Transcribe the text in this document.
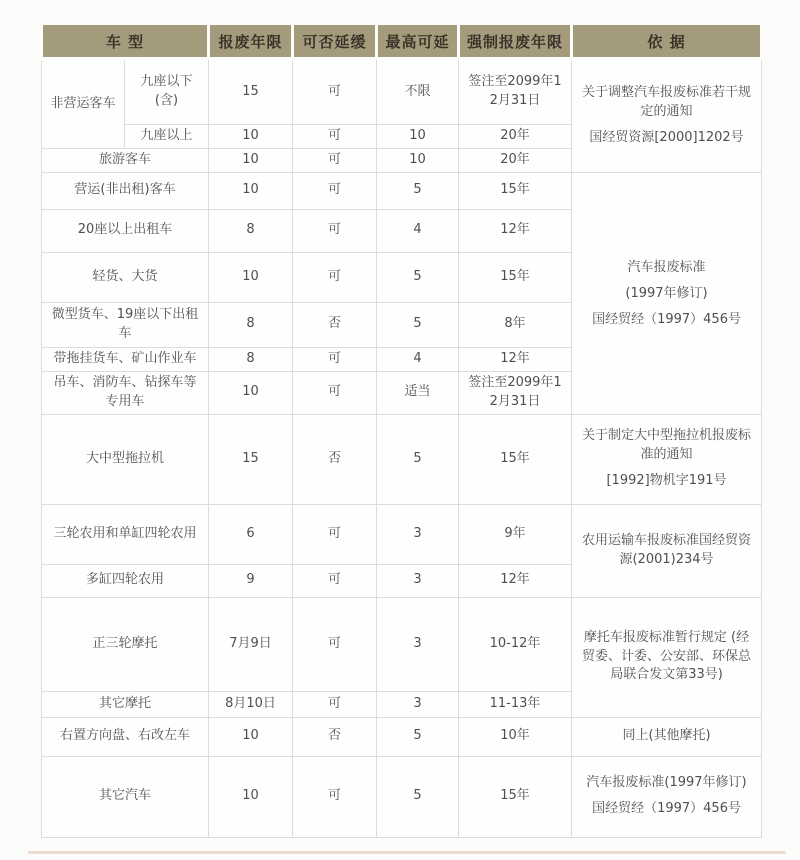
车 型		报废年限	可否延缓	最高可延	强制报废年限	依 据
非营运客车	九座以下 (含)	15	可	不限	签注至2099年12月31日	关于调整汽车报废标准若干规定的通知
国经贸资源[2000]1202号

	九座以上	10	可	10	20年	
旅游客车		10	可	10	20年	
营运(非出租)客车		10	可	5	15年	汽车报废标准
(1997年修订)
国经贸经（1997）456号

20座以上出租车		8	可	4	12年	
轻货、大货		10	可	5	15年	
微型货车、19座以下出租车		8	否	5	8年	
带拖挂货车、矿山作业车		8	可	4	12年	
吊车、消防车、钻探车等专用车		10	可	适当	签注至2099年12月31日	
大中型拖拉机		15	否	5	15年	关于制定大中型拖拉机报废标准的通知
[1992]物机字191号

三轮农用和单缸四轮农用		6	可	3	9年	农用运输车报废标准国经贸资源(2001)234号

多缸四轮农用		9	可	3	12年	
正三轮摩托		7月9日	可	3	10-12年	摩托车报废标准暂行规定 (经贸委、计委、公安部、环保总局联合发文第33号)

其它摩托		8月10日	可	3	11-13年	
右置方向盘、右改左车		10	否	5	10年	同上(其他摩托)

其它汽车		10	可	5	15年	汽车报废标准(1997年修订)
国经贸经（1997）456号
